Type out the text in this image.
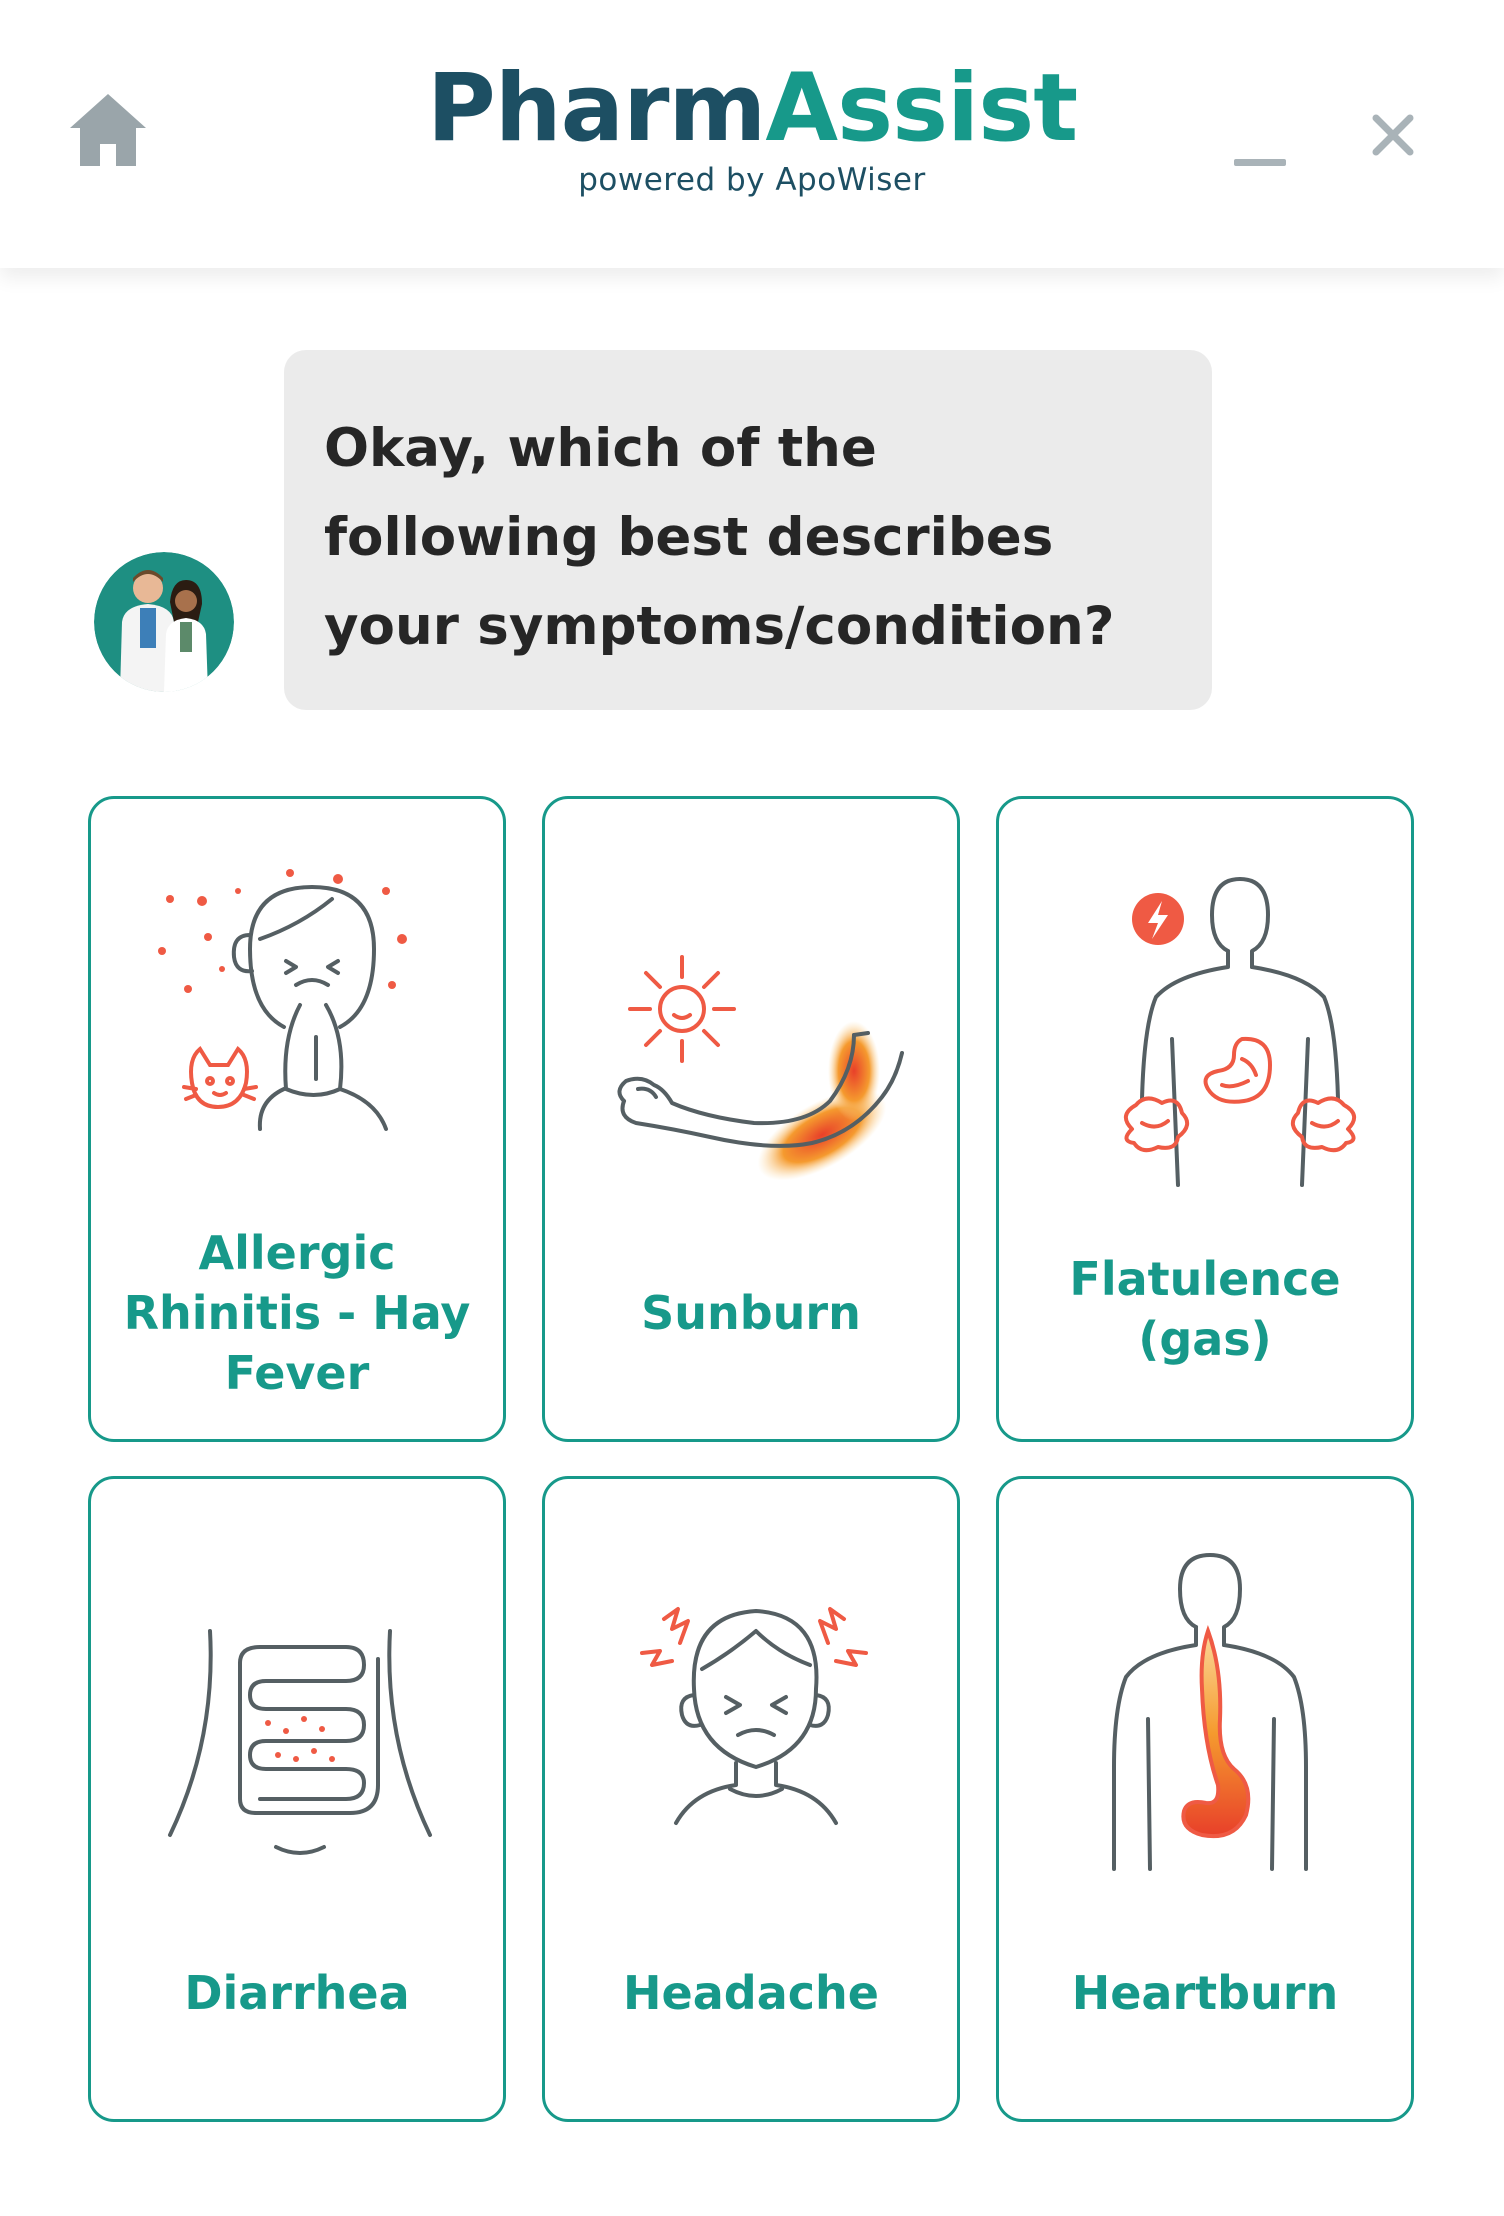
PharmAssist
powered by ApoWiser
Okay, which of the
following best describes
your symptoms/condition?
Allergic
Rhinitis - Hay
Fever
Sunburn
Flatulence
(gas)
Diarrhea	Headache	Heartburn
